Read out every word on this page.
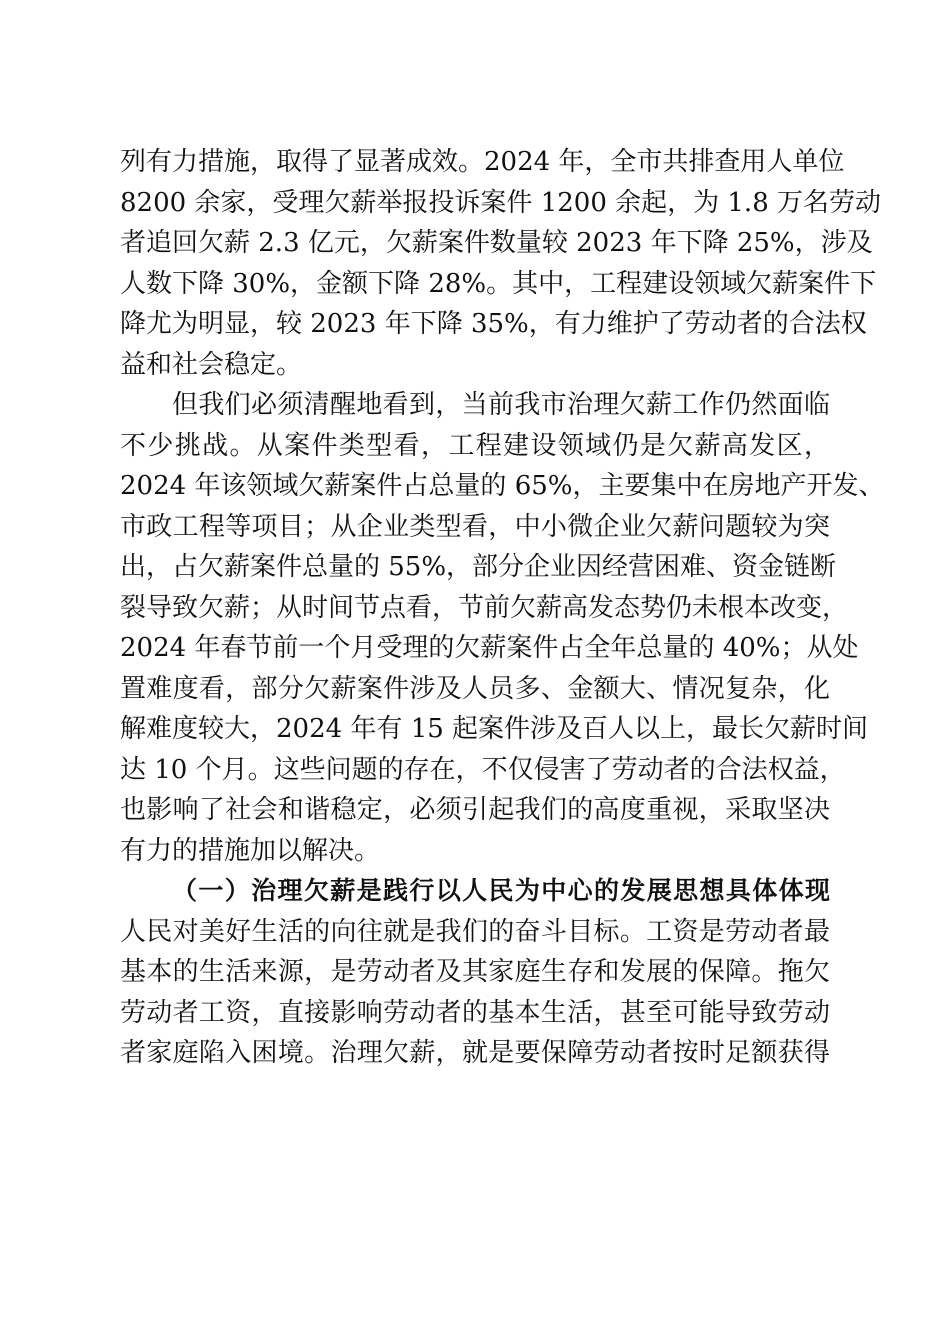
列有力措施，取得了显著成效。2024 年，全市共排查用人单位
8200 余家，受理欠薪举报投诉案件 1200 余起，为 1.8 万名劳动
者追回欠薪 2.3 亿元，欠薪案件数量较 2023 年下降 25%，涉及
人数下降 30%，金额下降 28%。其中，工程建设领域欠薪案件下
降尤为明显，较 2023 年下降 35%，有力维护了劳动者的合法权
益和社会稳定。
但我们必须清醒地看到，当前我市治理欠薪工作仍然面临
不少挑战。从案件类型看，工程建设领域仍是欠薪高发区，
2024 年该领域欠薪案件占总量的 65%，主要集中在房地产开发、
市政工程等项目；从企业类型看，中小微企业欠薪问题较为突
出，占欠薪案件总量的 55%，部分企业因经营困难、资金链断
裂导致欠薪；从时间节点看，节前欠薪高发态势仍未根本改变，
2024 年春节前一个月受理的欠薪案件占全年总量的 40%；从处
置难度看，部分欠薪案件涉及人员多、金额大、情况复杂，化
解难度较大，2024 年有 15 起案件涉及百人以上，最长欠薪时间
达 10 个月。这些问题的存在，不仅侵害了劳动者的合法权益，
也影响了社会和谐稳定，必须引起我们的高度重视，采取坚决
有力的措施加以解决。
（一）治理欠薪是践行以人民为中心的发展思想具体体现
人民对美好生活的向往就是我们的奋斗目标。工资是劳动者最
基本的生活来源，是劳动者及其家庭生存和发展的保障。拖欠
劳动者工资，直接影响劳动者的基本生活，甚至可能导致劳动
者家庭陷入困境。治理欠薪，就是要保障劳动者按时足额获得
